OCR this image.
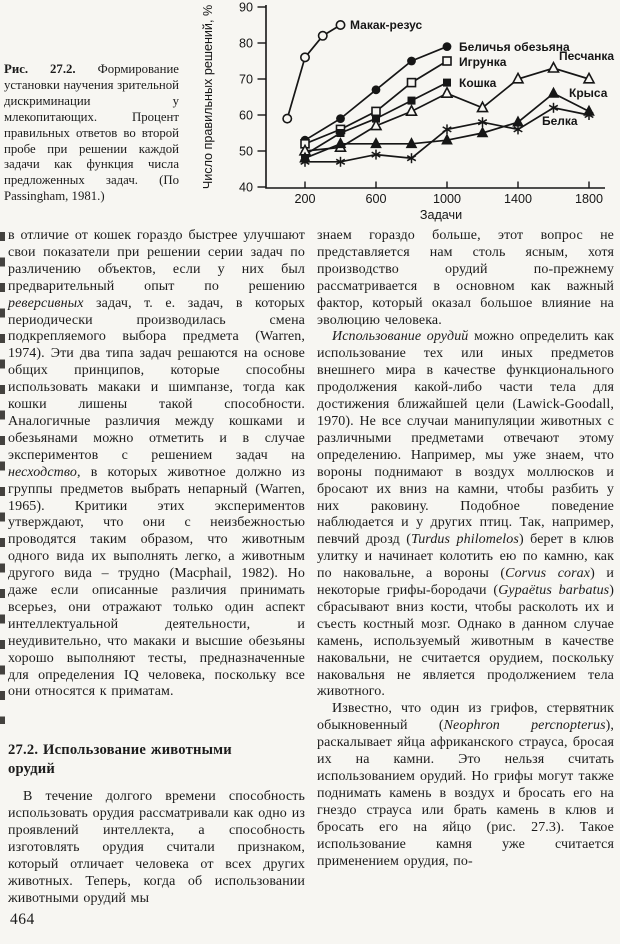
Рис. 27.2. Формирование установки научения зрительной дискриминации у млекопитающих. Процент правильных ответов во второй пробе при решении каждой задачи как функция числа предложенных задач. (По Passingham, 1981.)
40
50
60
70
80
90
200	600	1000	1400	1800
Задачи
Число правильных решений, %	Макак-резус
Беличья обезьяна
Игрунка
Кошка
Песчанка
Крыса
Белка

в отличие от кошек гораздо быстрее улучшают свои показатели при решении серии задач по различению объектов, если у них был предварительный опыт по решению реверсивных задач, т. е. задач, в которых периодически производилась смена подкрепляемого выбора предмета (Warren, 1974). Эти два типа задач решаются на основе общих принципов, которые способны использовать макаки и шимпанзе, тогда как кошки лишены такой способности. Аналогичные различия между кошками и обезьянами можно отметить и в случае экспериментов с решением задач на несходство, в которых животное должно из группы предметов выбрать непарный (Warren, 1965). Критики этих экспериментов утверждают, что они с неизбежностью проводятся таким образом, что животным одного вида их выполнять легко, а животным другого вида – трудно (Macphail, 1982). Но даже если описанные различия принимать всерьез, они отражают только один аспект интеллектуальной деятельности, и неудивительно, что макаки и высшие обезьяны хорошо выполняют тесты, предназначенные для определения IQ человека, поскольку все они относятся к приматам.

27.2. Использование животными орудий

В течение долгого времени способность использовать орудия рассматривали как одно из проявлений интеллекта, а способность изготовлять орудия считали признаком, который отличает человека от всех других животных. Теперь, когда об использовании животными орудий мы

знаем гораздо больше, этот вопрос не представляется нам столь ясным, хотя производство орудий по-прежнему рассматривается в основном как важный фактор, который оказал большое влияние на эволюцию человека.

Использование орудий можно определить как использование тех или иных предметов внешнего мира в качестве функционального продолжения какой-либо части тела для достижения ближайшей цели (Lawick-Goodall, 1970). Не все случаи манипуляции животных с различными предметами отвечают этому определению. Например, мы уже знаем, что вороны поднимают в воздух моллюсков и бросают их вниз на камни, чтобы разбить у них раковину. Подобное поведение наблюдается и у других птиц. Так, например, певчий дрозд (Turdus philomelos) берет в клюв улитку и начинает колотить ею по камню, как по наковальне, а вороны (Corvus corax) и некоторые грифы-бородачи (Gypaëtus barbatus) сбрасывают вниз кости, чтобы расколоть их и съесть костный мозг. Однако в данном случае камень, используемый животным в качестве наковальни, не считается орудием, поскольку наковальня не является продолжением тела животного.

Известно, что один из грифов, стервятник обыкновенный (Neophron percnopterus), раскалывает яйца африканского страуса, бросая их на камни. Это нельзя считать использованием орудий. Но грифы могут также поднимать камень в воздух и бросать его на гнездо страуса или брать камень в клюв и бросать его на яйцо (рис. 27.3). Такое использование камня уже считается применением орудия, по-

464
